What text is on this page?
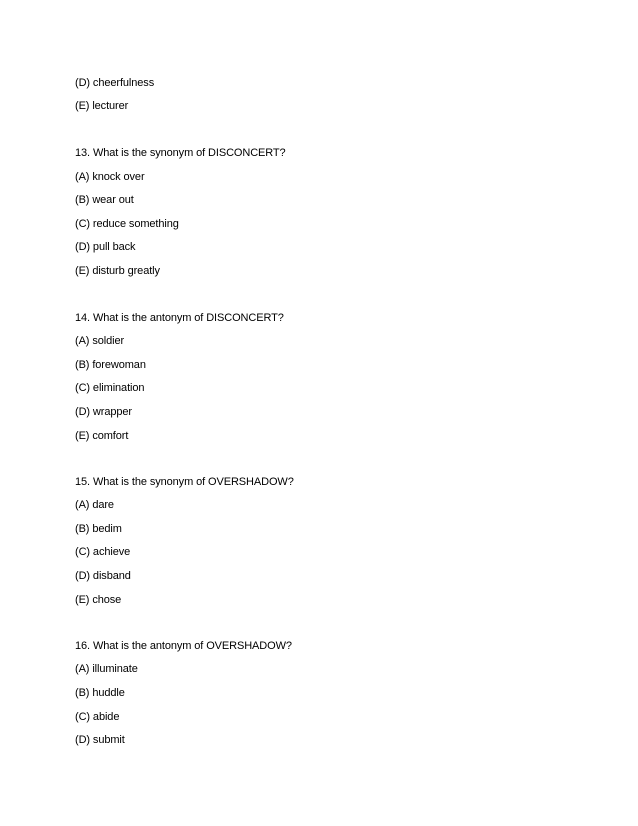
(D) cheerfulness
(E) lecturer
13. What is the synonym of DISCONCERT?
(A) knock over
(B) wear out
(C) reduce something
(D) pull back
(E) disturb greatly
14. What is the antonym of DISCONCERT?
(A) soldier
(B) forewoman
(C) elimination
(D) wrapper
(E) comfort
15. What is the synonym of OVERSHADOW?
(A) dare
(B) bedim
(C) achieve
(D) disband
(E) chose
16. What is the antonym of OVERSHADOW?
(A) illuminate
(B) huddle
(C) abide
(D) submit
